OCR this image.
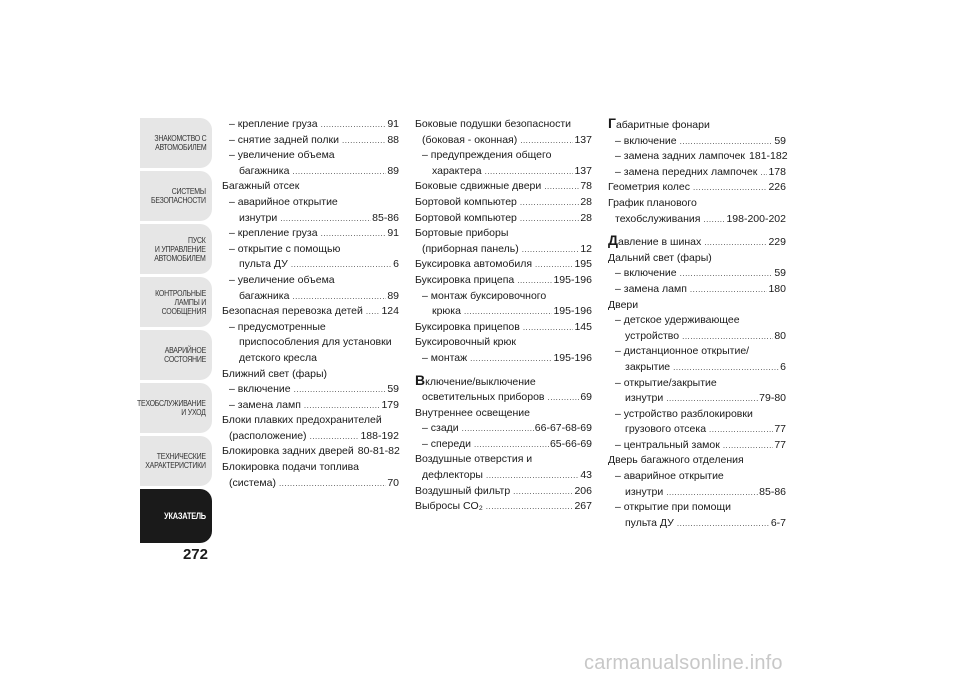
ЗНАКОМСТВО С
АВТОМОБИЛЕМ
СИСТЕМЫ
БЕЗОПАСНОСТИ
ПУСК
И УПРАВЛЕНИЕ
АВТОМОБИЛЕМ
КОНТРОЛЬНЫЕ
ЛАМПЫ И
СООБЩЕНИЯ
АВАРИЙНОЕ
СОСТОЯНИЕ
ТЕХОБСЛУЖИВАНИЕ
И УХОД
ТЕХНИЧЕСКИЕ
ХАРАКТЕРИСТИКИ
УКАЗАТЕЛЬ
272
– крепление груза .....	91
– снятие задней полки .....	88
– увеличение объема
багажника .....	89
Багажный отсек
– аварийное открытие
изнутри .....	85-86
– крепление груза .....	91
– открытие с помощью
пульта ДУ .....	6
– увеличение объема
багажника .....	89
Безопасная перевозка детей ..... 124
– предусмотренные
приспособления для установки
детского кресла
Ближний свет (фары)
– включение .....	59
– замена ламп .....	179
Блоки плавких предохранителей
(расположение) .....	188-192
Блокировка задних дверей 80-81-82
Блокировка подачи топлива
(система) .....	70
Боковые подушки безопасности
(боковая - оконная) .....	137
– предупреждения общего
характера .....	137
Боковые сдвижные двери .....	78
Бортовой компьютер .....	28
Бортовой компьютер .....	28
Бортовые приборы
(приборная панель) .....	12
Буксировка автомобиля .....	195
Буксировка прицепа .....	195-196
– монтаж буксировочного
крюка .....	195-196
Буксировка прицепов .....	145
Буксировочный крюк
– монтаж .....	195-196
Включение/выключение
осветительных приборов .....	69
Внутреннее освещение
– сзади .....	66-67-68-69
– спереди .....	65-66-69
Воздушные отверстия и
дефлекторы .....	43
Воздушный фильтр .....	206
Выбросы CO₂ .....	267
Габаритные фонари
– включение .....	59
– замена задних лампочек 181-182
– замена передних лампочек ..... 178
Геометрия колес .....	226
График планового
техобслуживания ..... 198-200-202
Давление в шинах .....	229
Дальний свет (фары)
– включение .....	59
– замена ламп .....	180
Двери
– детское удерживающее
устройство .....	80
– дистанционное открытие/
закрытие .....	6
– открытие/закрытие
изнутри .....	79-80
– устройство разблокировки
грузового отсека .....	77
– центральный замок .....	77
Дверь багажного отделения
– аварийное открытие
изнутри .....	85-86
– открытие при помощи
пульта ДУ .....	6-7
carmanualsonline.info
